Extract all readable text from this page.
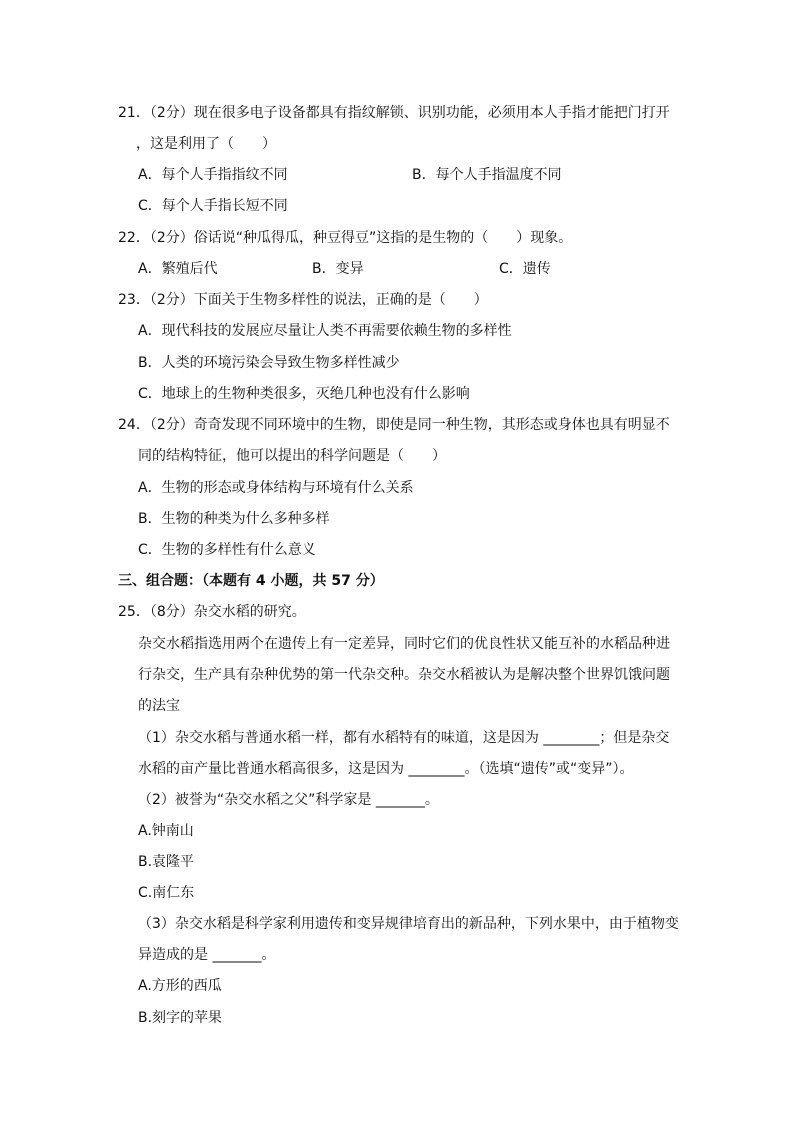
21．（2分）现在很多电子设备都具有指纹解锁、识别功能，必须用本人手指才能把门打开
，这是利用了（　　）
A．每个人手指指纹不同	B．每个人手指温度不同
C．每个人手指长短不同
22．（2分）俗话说“种瓜得瓜，种豆得豆”这指的是生物的（　　）现象。
A．繁殖后代	B．变异	C．遗传
23．（2分）下面关于生物多样性的说法，正确的是（　　）
A．现代科技的发展应尽量让人类不再需要依赖生物的多样性
B．人类的环境污染会导致生物多样性减少
C．地球上的生物种类很多，灭绝几种也没有什么影响
24．（2分）奇奇发现不同环境中的生物，即使是同一种生物，其形态或身体也具有明显不
同的结构特征，他可以提出的科学问题是（　　）
A．生物的形态或身体结构与环境有什么关系
B．生物的种类为什么多种多样
C．生物的多样性有什么意义
三、组合题：（本题有 4 小题，共 57 分）
25．（8分）杂交水稻的研究。
杂交水稻指选用两个在遗传上有一定差异，同时它们的优良性状又能互补的水稻品种进
行杂交，生产具有杂种优势的第一代杂交种。杂交水稻被认为是解决整个世界饥饿问题
的法宝
（1）杂交水稻与普通水稻一样，都有水稻特有的味道，这是因为 ________；但是杂交
水稻的亩产量比普通水稻高很多，这是因为 ________。（选填“遗传”或“变异”）。
（2）被誉为“杂交水稻之父”科学家是 _______。
A.钟南山
B.袁隆平
C.南仁东
（3）杂交水稻是科学家利用遗传和变异规律培育出的新品种，下列水果中，由于植物变
异造成的是 _______。
A.方形的西瓜
B.刻字的苹果
